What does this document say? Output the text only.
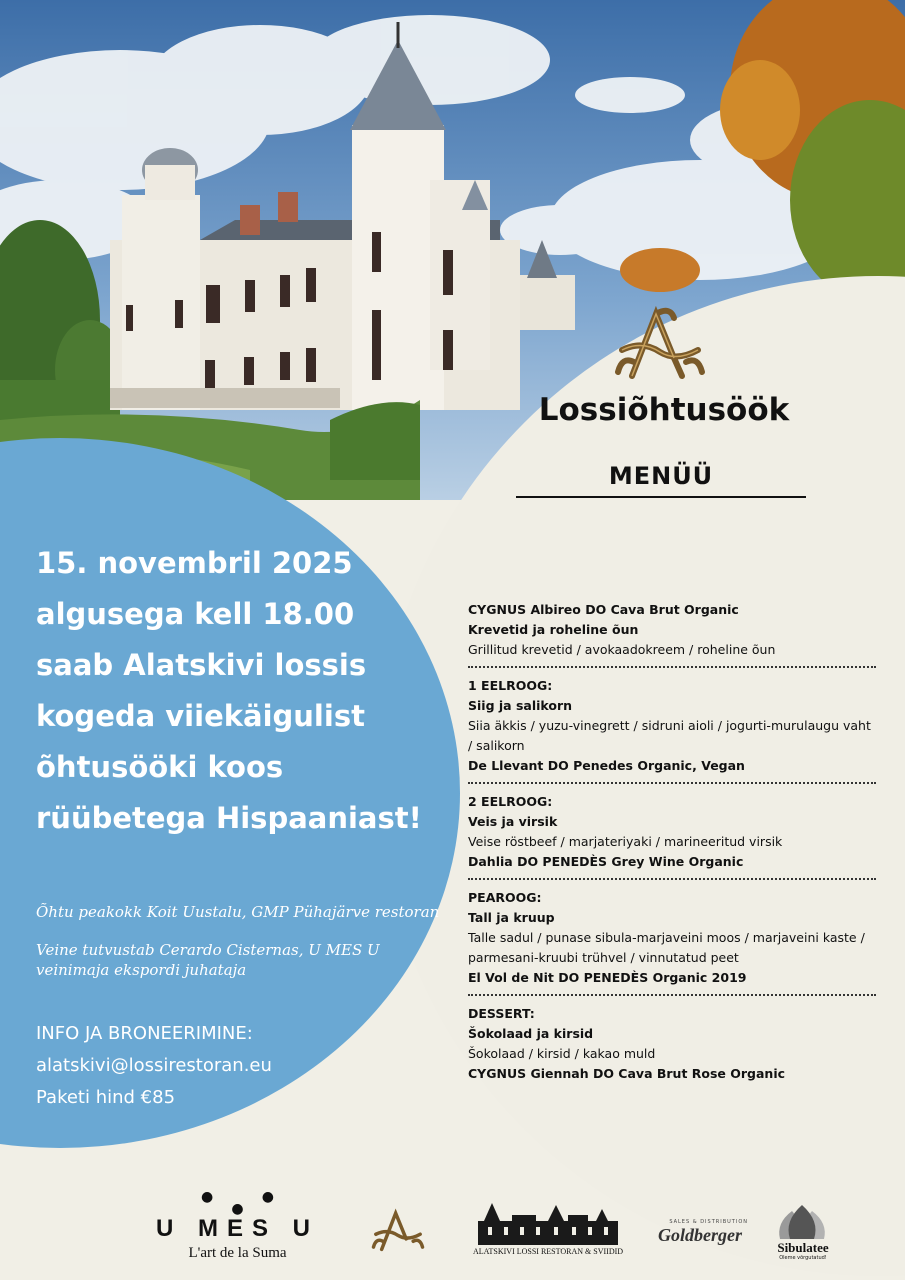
Lossiõhtusöök
MENÜÜ
15. novembril 2025
algusega kell 18.00
saab Alatskivi lossis
kogeda viiekäigulist
õhtusööki koos
rüübetega Hispaaniast!
Õhtu peakokk Koit Uustalu, GMP Pühajärve restoran
Veine tutvustab Cerardo Cisternas, U MES U veinimaja ekspordi juhataja
INFO JA BRONEERIMINE:
alatskivi@lossirestoran.eu
Paketi hind €85
CYGNUS Albireo DO Cava Brut Organic
Krevetid ja roheline õun
Grillitud krevetid / avokaadokreem / roheline õun
1 EELROOG:
Siig ja salikorn
Siia äkkis / yuzu-vinegrett / sidruni aioli / jogurti-murulaugu vaht / salikorn
De Llevant DO Penedes Organic, Vegan
2 EELROOG:
Veis ja virsik
Veise röstbeef / marjateriyaki / marineeritud virsik
Dahlia DO PENEDÈS Grey Wine Organic
PEAROOG:
Tall ja kruup
Talle sadul / punase sibula-marjaveini moos / marjaveini kaste / parmesani-kruubi trühvel / vinnutatud peet
El Vol de Nit DO PENEDÈS Organic 2019
DESSERT:
Šokolaad ja kirsid
Šokolaad / kirsid / kakao muld
CYGNUS Giennah DO Cava Brut Rose Organic
● ● ●
U MES U
L'art de la Suma	ALATSKIVI LOSSI RESTORAN & SVIIDID
SALES & DISTRIBUTION
Goldberger
Sibulatee
Olemе võrgutatud!
